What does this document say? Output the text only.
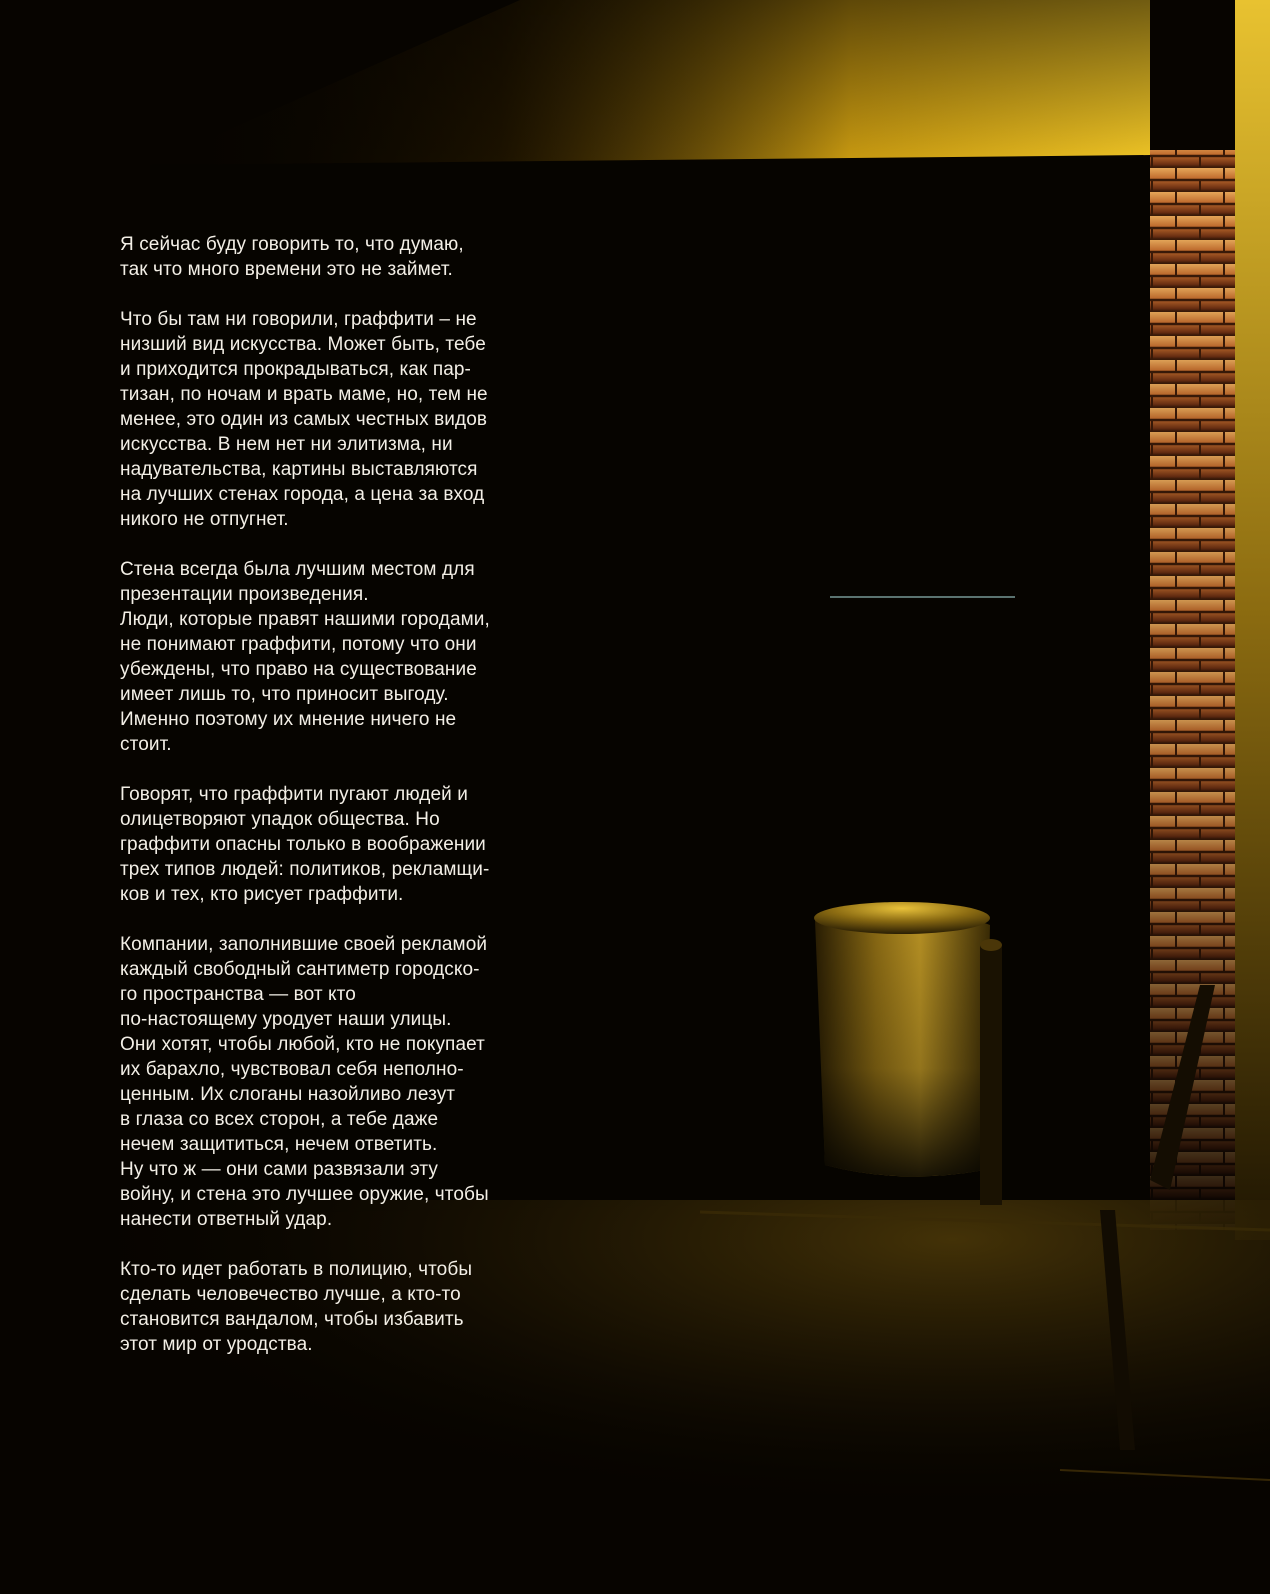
Я сейчас буду говорить то, что думаю,
так что много времени это не займет.

Что бы там ни говорили, граффити – не
низший вид искусства. Может быть, тебе
и приходится прокрадываться, как пар-
тизан, по ночам и врать маме, но, тем не
менее, это один из самых честных видов
искусства. В нем нет ни элитизма, ни
надувательства, картины выставляются
на лучших стенах города, а цена за вход
никого не отпугнет.

Стена всегда была лучшим местом для
презентации произведения.
Люди, которые правят нашими городами,
не понимают граффити, потому что они
убеждены, что право на существование
имеет лишь то, что приносит выгоду.
Именно поэтому их мнение ничего не
стоит.

Говорят, что граффити пугают людей и
олицетворяют упадок общества. Но
граффити опасны только в воображении
трех типов людей: политиков, рекламщи-
ков и тех, кто рисует граффити.

Компании, заполнившие своей рекламой
каждый свободный сантиметр городско-
го пространства — вот кто
по-настоящему уродует наши улицы.
Они хотят, чтобы любой, кто не покупает
их барахло, чувствовал себя неполно-
ценным. Их слоганы назойливо лезут
в глаза со всех сторон, а тебе даже
нечем защититься, нечем ответить.
Ну что ж — они сами развязали эту
войну, и стена это лучшее оружие, чтобы
нанести ответный удар.

Кто-то идет работать в полицию, чтобы
сделать человечество лучше, а кто-то
становится вандалом, чтобы избавить
этот мир от уродства.
